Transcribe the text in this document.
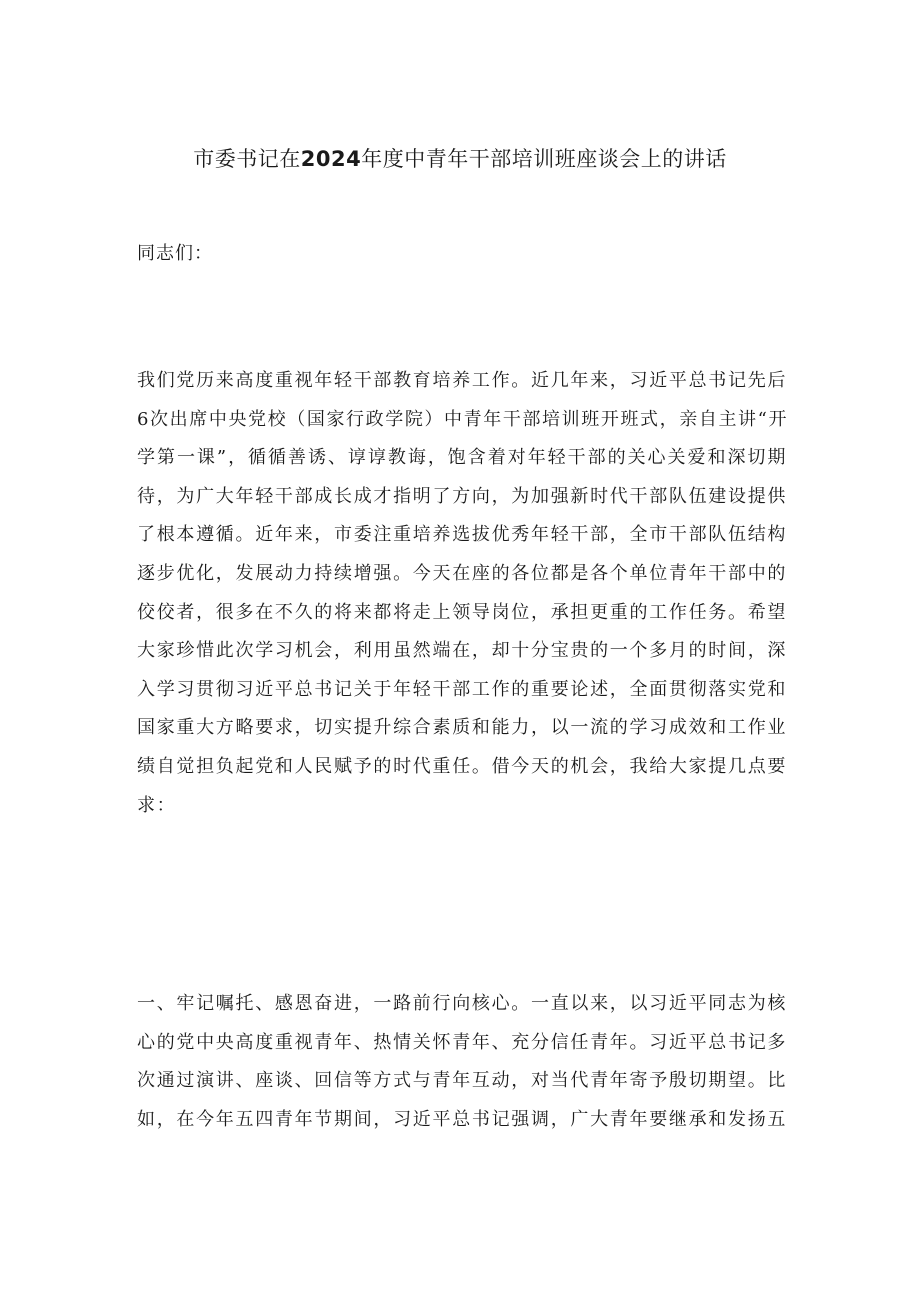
市委书记在2024年度中青年干部培训班座谈会上的讲话
同志们：
我们党历来高度重视年轻干部教育培养工作。近几年来，习近平总书记先后
6次出席中央党校（国家行政学院）中青年干部培训班开班式，亲自主讲“开
学第一课”，循循善诱、谆谆教诲，饱含着对年轻干部的关心关爱和深切期
待，为广大年轻干部成长成才指明了方向，为加强新时代干部队伍建设提供
了根本遵循。近年来，市委注重培养选拔优秀年轻干部，全市干部队伍结构
逐步优化，发展动力持续增强。今天在座的各位都是各个单位青年干部中的
佼佼者，很多在不久的将来都将走上领导岗位，承担更重的工作任务。希望
大家珍惜此次学习机会，利用虽然端在，却十分宝贵的一个多月的时间，深
入学习贯彻习近平总书记关于年轻干部工作的重要论述，全面贯彻落实党和
国家重大方略要求，切实提升综合素质和能力，以一流的学习成效和工作业
绩自觉担负起党和人民赋予的时代重任。借今天的机会，我给大家提几点要
求：
一、牢记嘱托、感恩奋进，一路前行向核心。一直以来，以习近平同志为核
心的党中央高度重视青年、热情关怀青年、充分信任青年。习近平总书记多
次通过演讲、座谈、回信等方式与青年互动，对当代青年寄予殷切期望。比
如，在今年五四青年节期间，习近平总书记强调，广大青年要继承和发扬五
